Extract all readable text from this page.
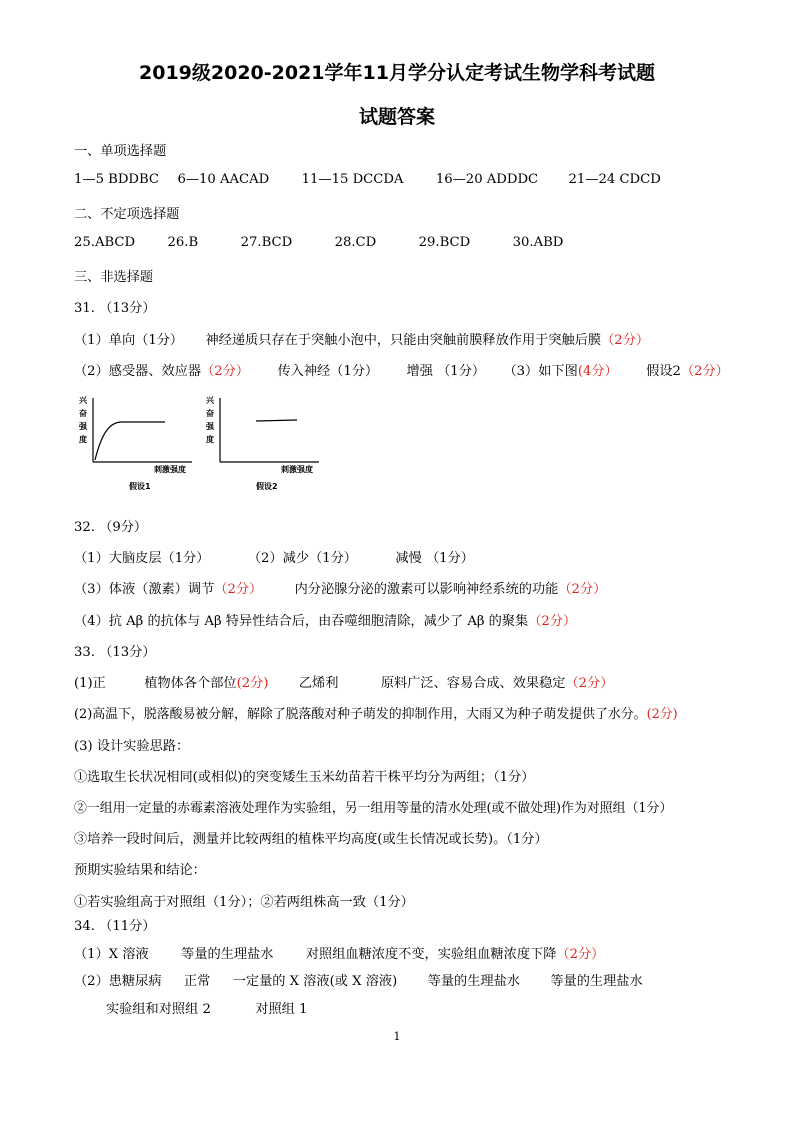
2019级2020-2021学年11月学分认定考试生物学科考试题
试题答案
一、单项选择题
1—5 BDDBC 6—10 AACAD 11—15 DCCDA 16—20 ADDDC 21—24 CDCD
二、不定项选择题
25.ABCD 26.B	27.BCD	28.CD	29.BCD	30.ABD
三、非选择题
31. （13分）
（1）单向（1分） 神经递质只存在于突触小泡中，只能由突触前膜释放作用于突触后膜（2分）
（2）感受器、效应器（2分） 传入神经（1分） 增强 （1分） （3）如下图(4分） 假设2（2分）
兴
奋
强
度
刺激强度
假设1
兴
奋
强
度
刺激强度
假设2
32. （9分）
（1）大脑皮层（1分）	（2）减少（1分）	减慢 （1分）
（3）体液（激素）调节（2分） 内分泌腺分泌的激素可以影响神经系统的功能（2分）
（4）抗 Aβ 的抗体与 Aβ 特异性结合后，由吞噬细胞清除，减少了 Aβ 的聚集（2分）
33. （13分）
(1)正	植物体各个部位(2分) 乙烯利	原料广泛、容易合成、效果稳定（2分）
(2)高温下，脱落酸易被分解，解除了脱落酸对种子萌发的抑制作用，大雨又为种子萌发提供了水分。(2分)
(3) 设计实验思路：
①选取生长状况相同(或相似)的突变矮生玉米幼苗若干株平均分为两组；（1分）
②一组用一定量的赤霉素溶液处理作为实验组，另一组用等量的清水处理(或不做处理)作为对照组（1分）
③培养一段时间后，测量并比较两组的植株平均高度(或生长情况或长势)。（1分）
预期实验结果和结论：
①若实验组高于对照组（1分）；②若两组株高一致（1分）
34. （11分）
（1）X 溶液 等量的生理盐水 对照组血糖浓度不变，实验组血糖浓度下降（2分）
（2）患糖尿病 正常 一定量的 X 溶液(或 X 溶液) 等量的生理盐水 等量的生理盐水
实验组和对照组 2	对照组 1
1
